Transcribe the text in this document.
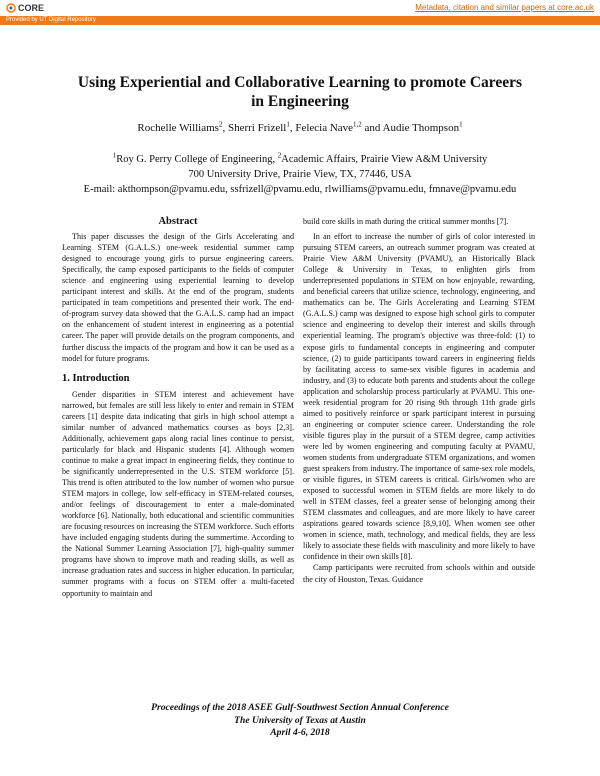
CORE	Metadata, citation and similar papers at core.ac.uk
Provided by UT Digital Repository
Using Experiential and Collaborative Learning to promote Careers
in Engineering
Rochelle Williams$^2$, Sherri Frizell$^1$, Felecia Nave$^{1,2}$ and Audie Thompson$^1$
$^1$Roy G. Perry College of Engineering, $^2$Academic Affairs, Prairie View A&M University
700 University Drive, Prairie View, TX, 77446, USA
E-mail: akthompson@pvamu.edu, ssfrizell@pvamu.edu, rlwilliams@pvamu.edu, fmnave@pvamu.edu
Abstract

This paper discusses the design of the Girls Accelerating and Learning STEM (G.A.L.S.) one-week residential summer camp designed to encourage young girls to pursue engineering careers. Specifically, the camp exposed participants to the fields of computer science and engineering using experiential learning to develop participant interest and skills. At the end of the program, students participated in team competitions and presented their work. The end-of-program survey data showed that the G.A.L.S. camp had an impact on the enhancement of student interest in engineering as a potential career. The paper will provide details on the program components, and further discuss the impacts of the program and how it can be used as a model for future programs.

1. Introduction

Gender disparities in STEM interest and achievement have narrowed, but females are still less likely to enter and remain in STEM careers [1] despite data indicating that girls in high school attempt a similar number of advanced mathematics courses as boys [2,3]. Additionally, achievement gaps along racial lines continue to persist, particularly for black and Hispanic students [4]. Although women continue to make a great impact in engineering fields, they continue to be significantly underrepresented in the U.S. STEM workforce [5]. This trend is often attributed to the low number of women who pursue STEM majors in college, low self-efficacy in STEM-related courses, and/or feelings of discouragement to enter a male-dominated workforce [6]. Nationally, both educational and scientific communities are focusing resources on increasing the STEM workforce. Such efforts have included engaging students during the summertime. According to the National Summer Learning Association [7], high-quality summer programs have shown to improve math and reading skills, as well as increase graduation rates and success in higher education. In particular, summer programs with a focus on STEM offer a multi-faceted opportunity to maintain and

build core skills in math during the critical summer months [7].

In an effort to increase the number of girls of color interested in pursuing STEM careers, an outreach summer program was created at Prairie View A&M University (PVAMU), an Historically Black College & University in Texas, to enlighten girls from underrepresented populations in STEM on how enjoyable, rewarding, and beneficial careers that utilize science, technology, engineering, and mathematics can be. The Girls Accelerating and Learning STEM (G.A.L.S.) camp was designed to expose high school girls to computer science and engineering to develop their interest and skills through experiential learning. The program's objective was three-fold: (1) to expose girls to fundamental concepts in engineering and computer science, (2) to guide participants toward careers in engineering fields by facilitating access to same-sex visible figures in academia and industry, and (3) to educate both parents and students about the college application and scholarship process particularly at PVAMU. This one-week residential program for 20 rising 9th through 11th grade girls aimed to positively reinforce or spark participant interest in pursuing an engineering or computer science career. Understanding the role visible figures play in the pursuit of a STEM degree, camp activities were led by women engineering and computing faculty at PVAMU, women students from undergraduate STEM organizations, and women guest speakers from industry. The importance of same-sex role models, or visible figures, in STEM careers is critical. Girls/women who are exposed to successful women in STEM fields are more likely to do well in STEM classes, feel a greater sense of belonging among their STEM classmates and colleagues, and are more likely to have career aspirations geared towards science [8,9,10]. When women see other women in science, math, technology, and medical fields, they are less likely to associate these fields with masculinity and more likely to have confidence in their own skills [8].

Camp participants were recruited from schools within and outside the city of Houston, Texas. Guidance

Proceedings of the 2018 ASEE Gulf-Southwest Section Annual Conference
The University of Texas at Austin
April 4-6, 2018
